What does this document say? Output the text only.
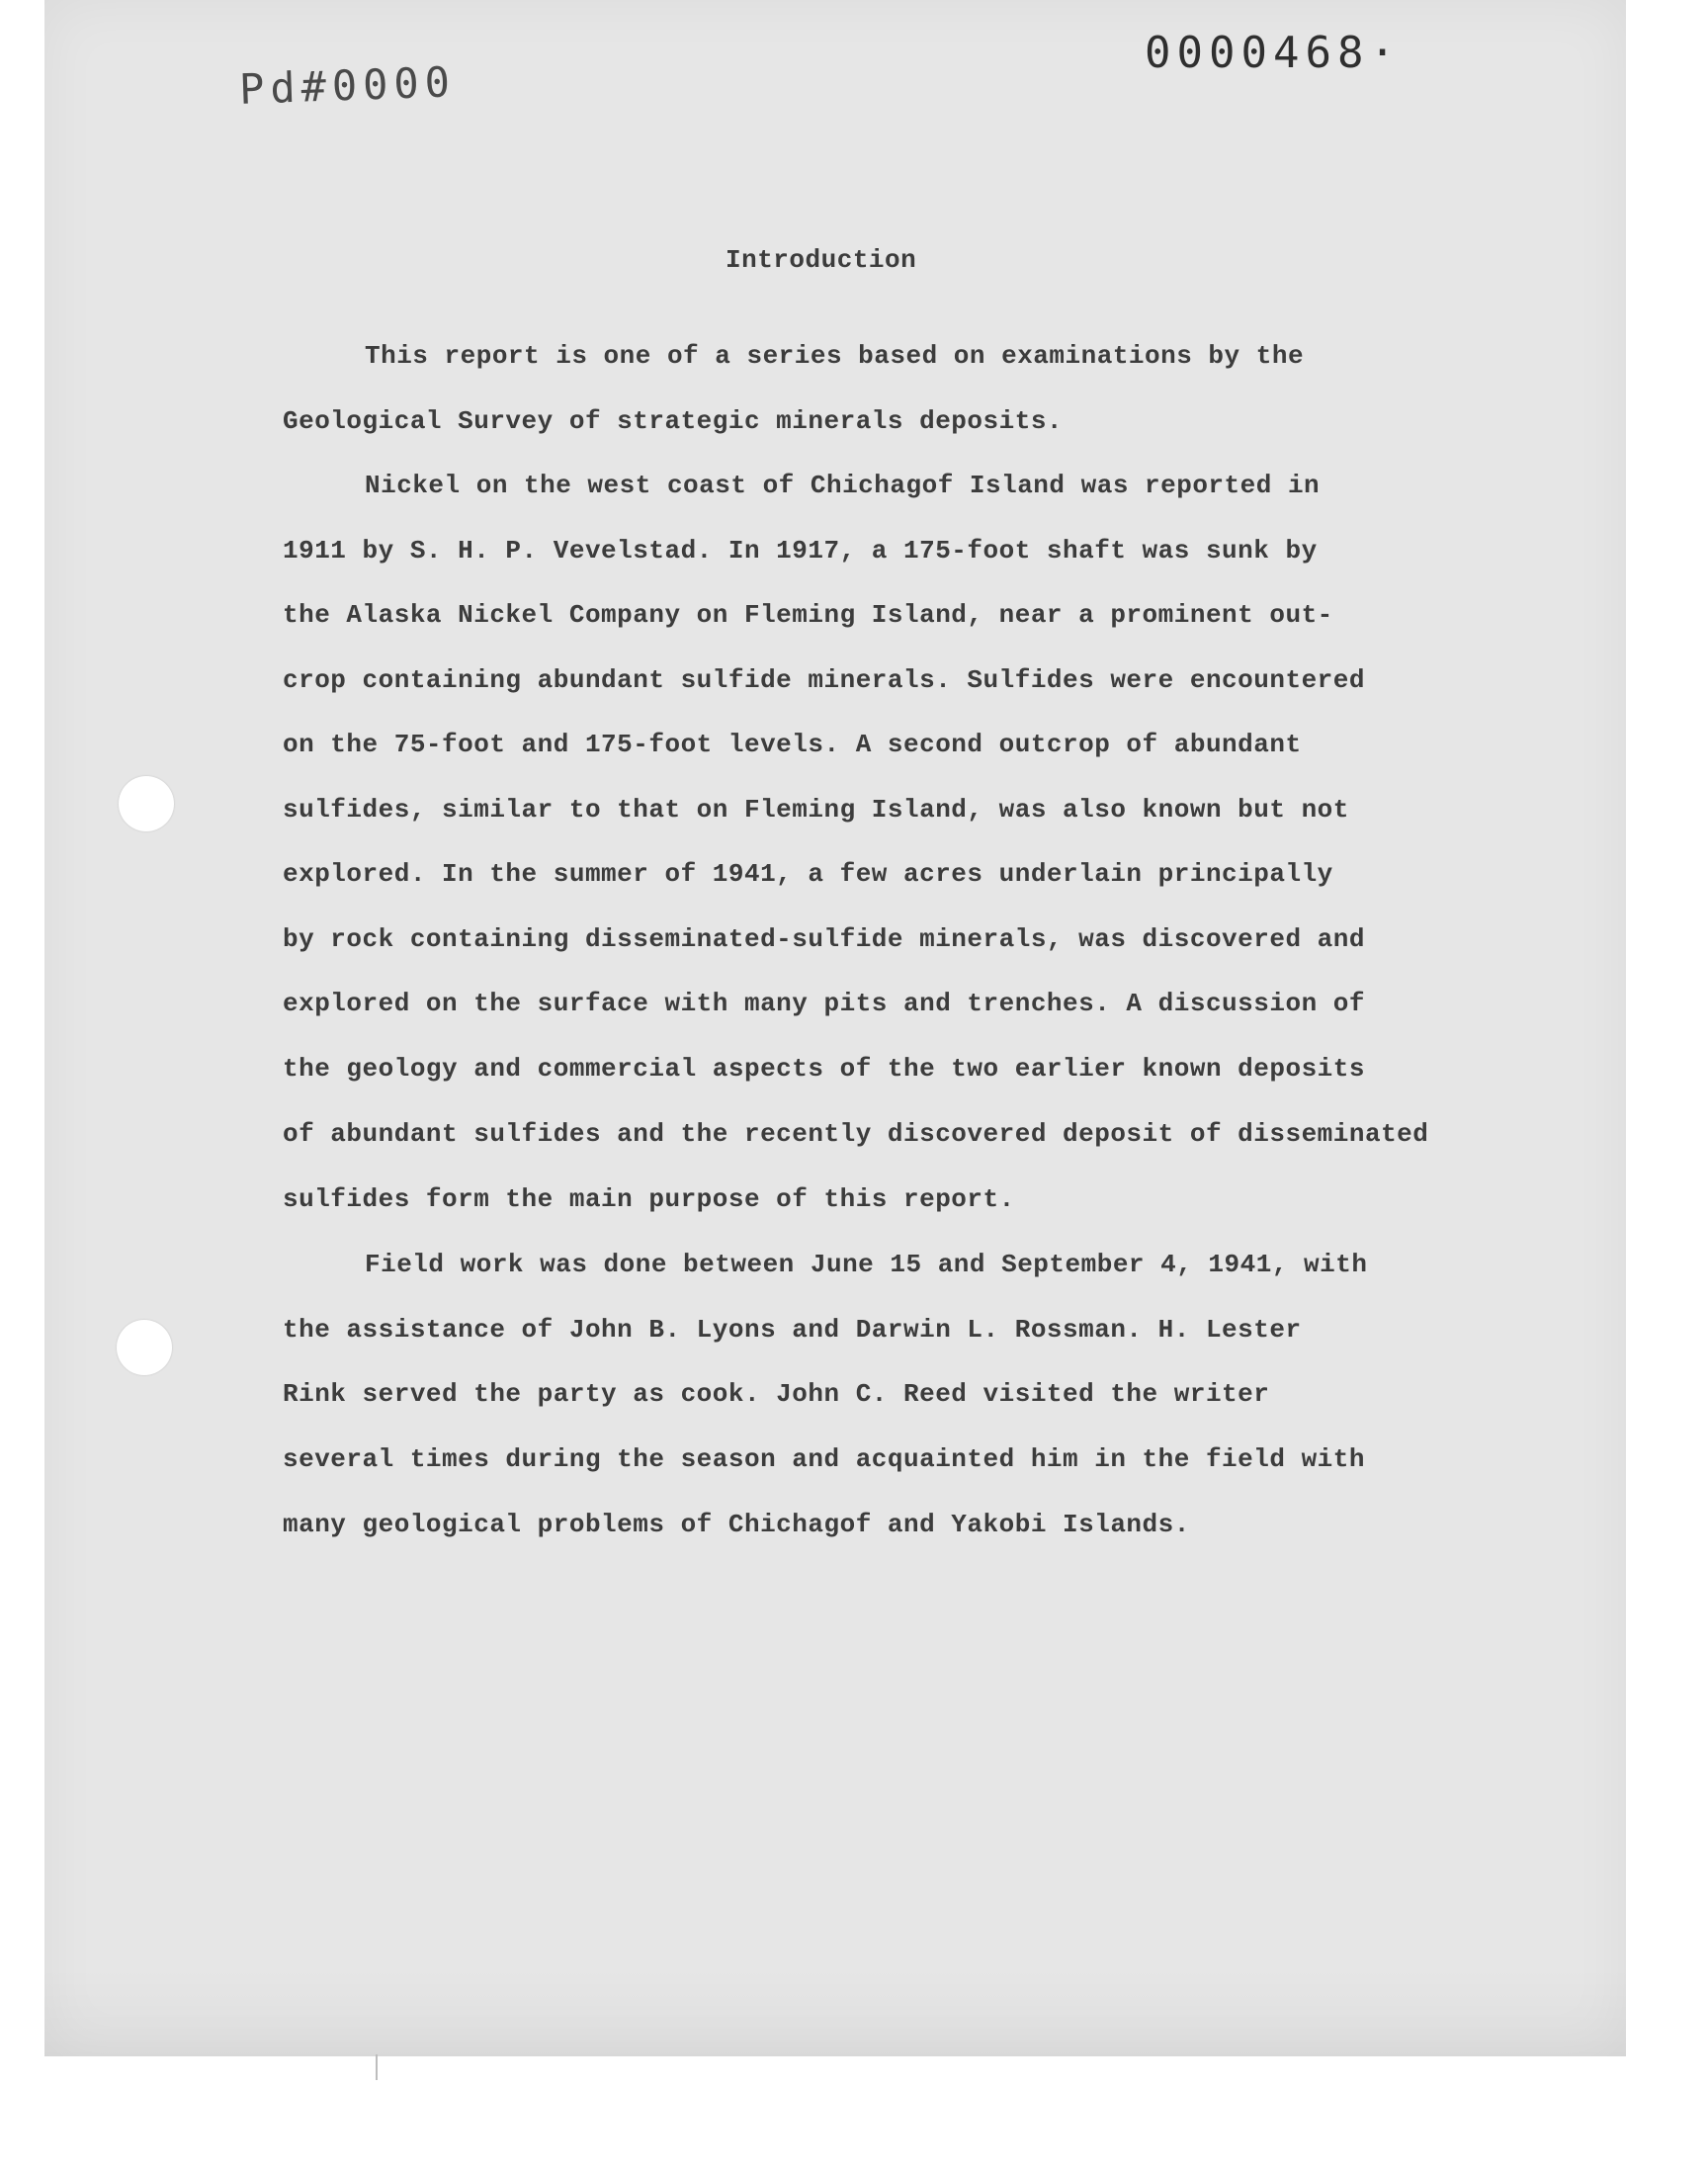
Pd#0000
0000468·
Introduction
This report is one of a series based on examinations by the
Geological Survey of strategic minerals deposits.
Nickel on the west coast of Chichagof Island was reported in
1911 by S. H. P. Vevelstad. In 1917, a 175-foot shaft was sunk by
the Alaska Nickel Company on Fleming Island, near a prominent out-
crop containing abundant sulfide minerals. Sulfides were encountered
on the 75-foot and 175-foot levels. A second outcrop of abundant
sulfides, similar to that on Fleming Island, was also known but not
explored. In the summer of 1941, a few acres underlain principally
by rock containing disseminated-sulfide minerals, was discovered and
explored on the surface with many pits and trenches. A discussion of
the geology and commercial aspects of the two earlier known deposits
of abundant sulfides and the recently discovered deposit of disseminated
sulfides form the main purpose of this report.
Field work was done between June 15 and September 4, 1941, with
the assistance of John B. Lyons and Darwin L. Rossman. H. Lester
Rink served the party as cook. John C. Reed visited the writer
several times during the season and acquainted him in the field with
many geological problems of Chichagof and Yakobi Islands.
